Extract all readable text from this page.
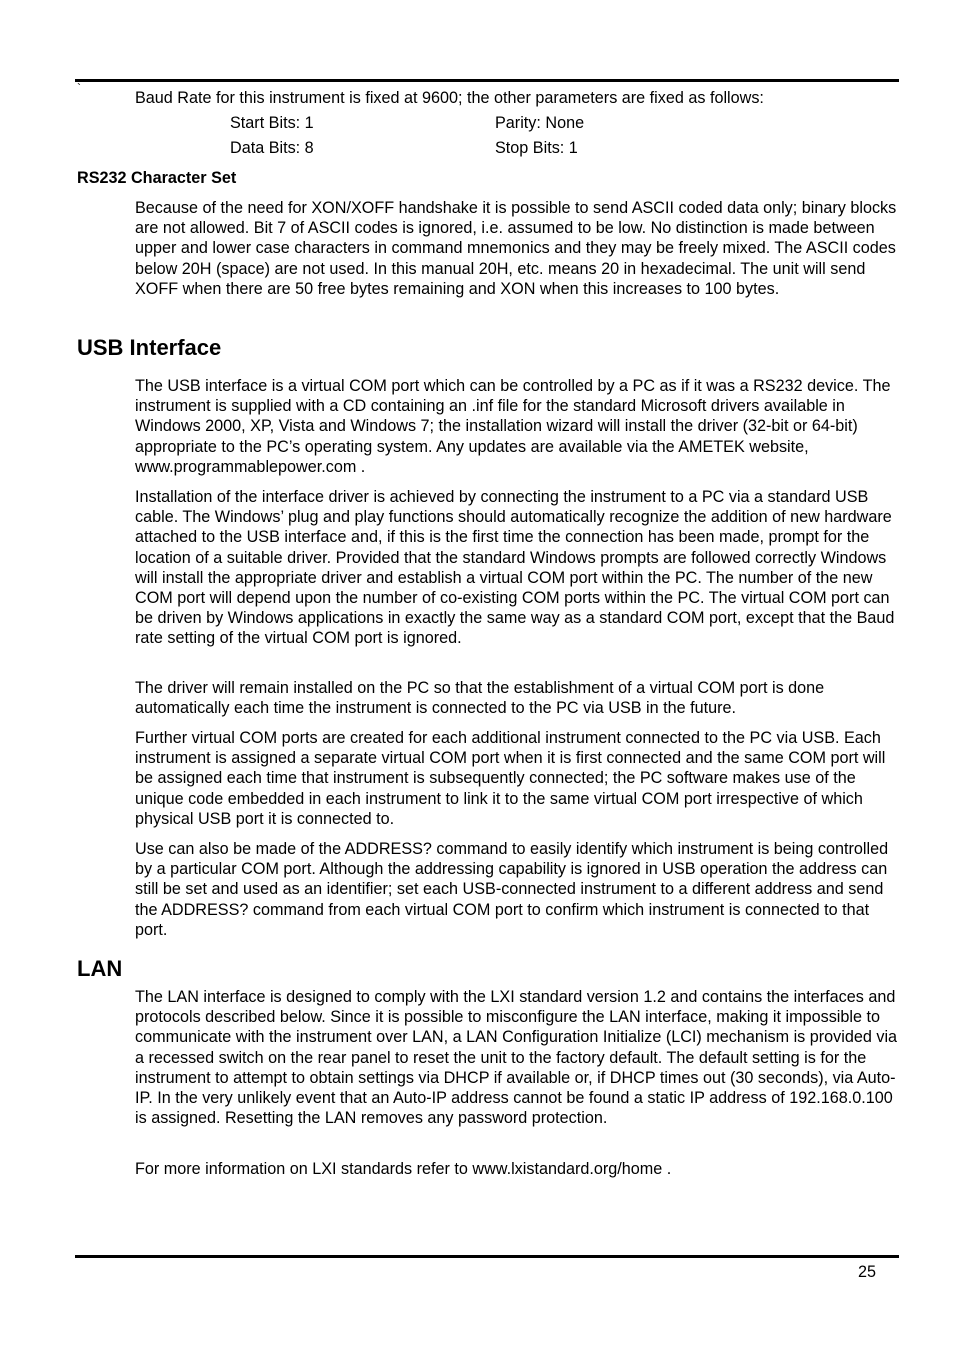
`

Baud Rate for this instrument is fixed at 9600; the other parameters are fixed as follows:

Start Bits: 1	Parity: None
Data Bits: 8	Stop Bits: 1
RS232 Character Set

Because of the need for XON/XOFF handshake it is possible to send ASCII coded data only; binary blocks are not allowed. Bit 7 of ASCII codes is ignored, i.e. assumed to be low. No distinction is made between upper and lower case characters in command mnemonics and they may be freely mixed. The ASCII codes below 20H (space) are not used. In this manual 20H, etc. means 20 in hexadecimal. The unit will send XOFF when there are 50 free bytes remaining and XON when this increases to 100 bytes.

USB Interface

The USB interface is a virtual COM port which can be controlled by a PC as if it was a RS232 device. The instrument is supplied with a CD containing an .inf file for the standard Microsoft drivers available in Windows 2000, XP, Vista and Windows 7; the installation wizard will install the driver (32-bit or 64-bit) appropriate to the PC’s operating system. Any updates are available via the AMETEK website, www.programmablepower.com .

Installation of the interface driver is achieved by connecting the instrument to a PC via a standard USB cable. The Windows’ plug and play functions should automatically recognize the addition of new hardware attached to the USB interface and, if this is the first time the connection has been made, prompt for the location of a suitable driver. Provided that the standard Windows prompts are followed correctly Windows will install the appropriate driver and establish a virtual COM port within the PC. The number of the new COM port will depend upon the number of co-existing COM ports within the PC. The virtual COM port can be driven by Windows applications in exactly the same way as a standard COM port, except that the Baud rate setting of the virtual COM port is ignored.

The driver will remain installed on the PC so that the establishment of a virtual COM port is done automatically each time the instrument is connected to the PC via USB in the future.

Further virtual COM ports are created for each additional instrument connected to the PC via USB. Each instrument is assigned a separate virtual COM port when it is first connected and the same COM port will be assigned each time that instrument is subsequently connected; the PC software makes use of the unique code embedded in each instrument to link it to the same virtual COM port irrespective of which physical USB port it is connected to.

Use can also be made of the ADDRESS? command to easily identify which instrument is being controlled by a particular COM port. Although the addressing capability is ignored in USB operation the address can still be set and used as an identifier; set each USB-connected instrument to a different address and send the ADDRESS? command from each virtual COM port to confirm which instrument is connected to that port.

LAN

The LAN interface is designed to comply with the LXI standard version 1.2 and contains the interfaces and protocols described below. Since it is possible to misconfigure the LAN interface, making it impossible to communicate with the instrument over LAN, a LAN Configuration Initialize (LCI) mechanism is provided via a recessed switch on the rear panel to reset the unit to the factory default. The default setting is for the instrument to attempt to obtain settings via DHCP if available or, if DHCP times out (30 seconds), via Auto-IP. In the very unlikely event that an Auto-IP address cannot be found a static IP address of 192.168.0.100 is assigned. Resetting the LAN removes any password protection.

For more information on LXI standards refer to www.lxistandard.org/home .

25
